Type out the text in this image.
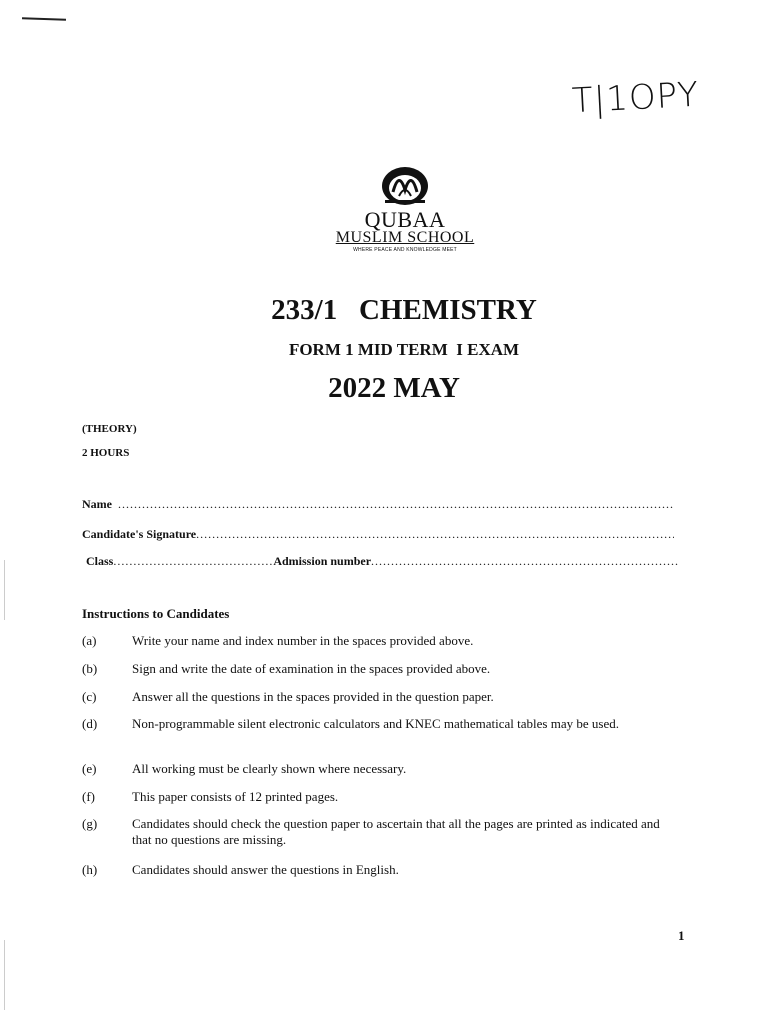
T|1OPY
QUBAA
MUSLIM SCHOOL
WHERE PEACE AND KNOWLEDGE MEET
233/1   CHEMISTRY
FORM 1 MID TERM  I EXAM
2022 MAY
(THEORY)
2 HOURS
Name
.....
Candidate's Signature
.....
Class
.....	Admission number
.....
Instructions to Candidates
(a)	Write your name and index number in the spaces provided above.
(b)	Sign and write the date of examination in the spaces provided above.
(c)	Answer all the questions in the spaces provided in the question paper.
(d)	Non-programmable silent electronic calculators and KNEC mathematical tables may be used.
(e)	All working must be clearly shown where necessary.
(f)	This paper consists of 12 printed pages.
(g)	Candidates should check the question paper to ascertain that all the pages are printed as indicated and that no questions are missing.
(h)	Candidates should answer the questions in English.
1
